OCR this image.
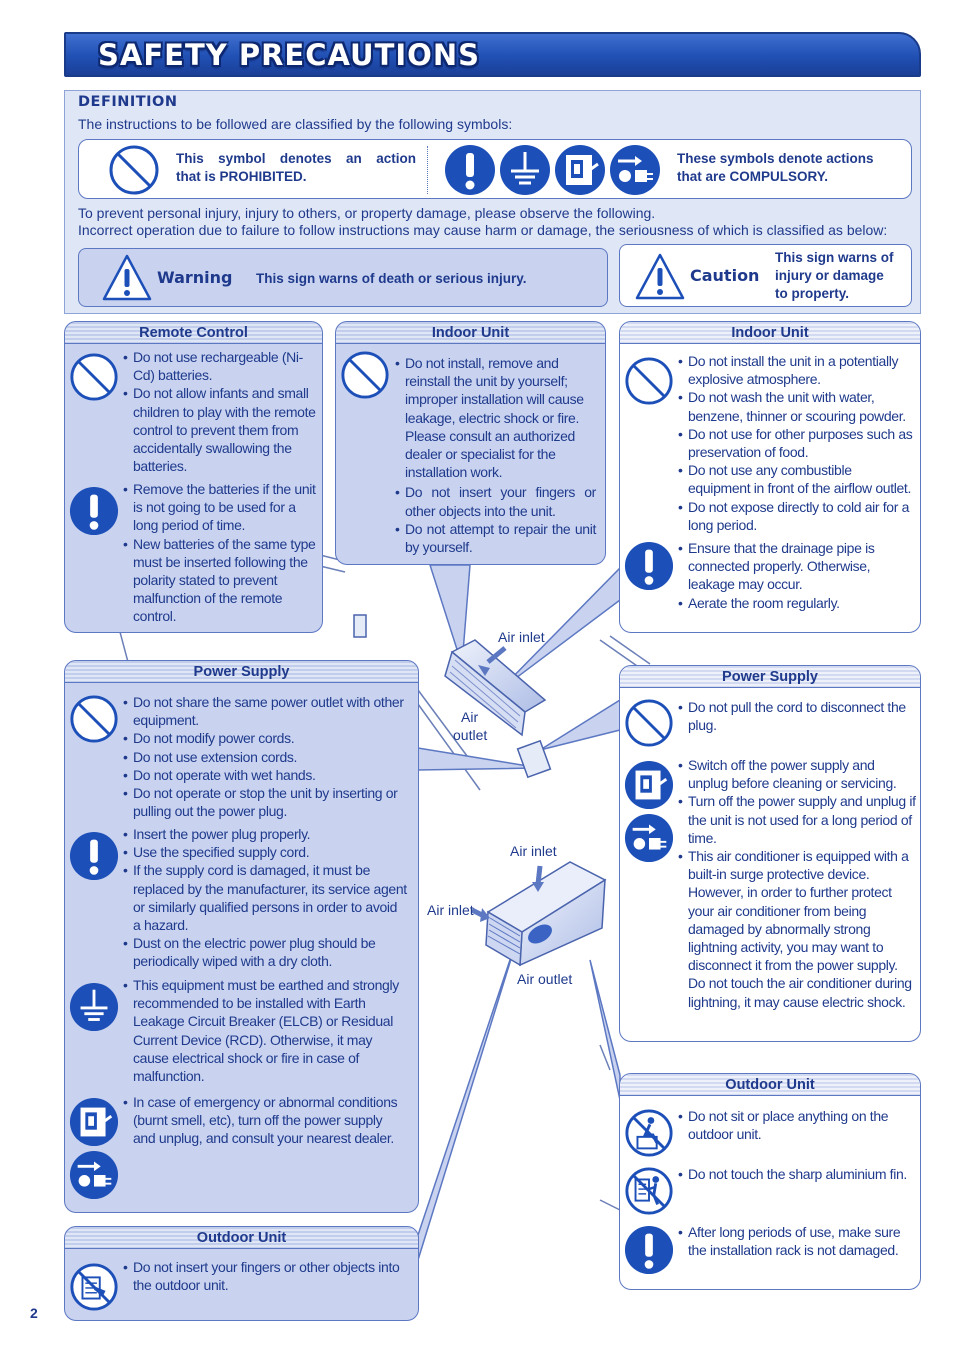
SAFETY PRECAUTIONS
DEFINITION
The instructions to be followed are classified by the following symbols:
This symbol denotes an action
that is PROHIBITED.
These symbols denote actions
that are COMPULSORY.
To prevent personal injury, injury to others, or property damage, please observe the following.
Incorrect operation due to failure to follow instructions may cause harm or damage, the seriousness of which is classified as below:
Warning This sign warns of death or serious injury.	Caution
This sign warns of
injury or damage
to property.
Remote Control
• Do not use rechargeable (Ni-Cd) batteries.
• Do not allow infants and small children to play with the remote control to prevent them from accidentally swallowing the batteries.
• Remove the batteries if the unit is not going to be used for a long period of time.
• New batteries of the same type must be inserted following the polarity stated to prevent malfunction of the remote control.
Indoor Unit
• Do not install, remove and reinstall the unit by yourself; improper installation will cause leakage, electric shock or fire. Please consult an authorized dealer or specialist for the installation work.
• Do not insert your fingers or other objects into the unit.
• Do not attempt to repair the unit by yourself.
Indoor Unit
• Do not install the unit in a potentially explosive atmosphere.
• Do not wash the unit with water, benzene, thinner or scouring powder.
• Do not use for other purposes such as preservation of food.
• Do not use any combustible equipment in front of the airflow outlet.
• Do not expose directly to cold air for a long period.
• Ensure that the drainage pipe is connected properly. Otherwise, leakage may occur.
• Aerate the room regularly.
Power Supply
• Do not share the same power outlet with other equipment.
• Do not modify power cords.
• Do not use extension cords.
• Do not operate with wet hands.
• Do not operate or stop the unit by inserting or pulling out the power plug.
• Insert the power plug properly.
• Use the specified supply cord.
• If the supply cord is damaged, it must be replaced by the manufacturer, its service agent or similarly qualified persons in order to avoid a hazard.
• Dust on the electric power plug should be periodically wiped with a dry cloth.
• This equipment must be earthed and strongly recommended to be installed with Earth Leakage Circuit Breaker (ELCB) or Residual Current Device (RCD). Otherwise, it may cause electrical shock or fire in case of malfunction.
• In case of emergency or abnormal conditions (burnt smell, etc), turn off the power supply and unplug, and consult your nearest dealer.
Outdoor Unit
• Do not insert your fingers or other objects into the outdoor unit.
Power Supply
• Do not pull the cord to disconnect the plug.
• Switch off the power supply and unplug before cleaning or servicing.
• Turn off the power supply and unplug if the unit is not used for a long period of time.
• This air conditioner is equipped with a built-in surge protective device. However, in order to further protect your air conditioner from being damaged by abnormally strong lightning activity, you may want to disconnect it from the power supply. Do not touch the air conditioner during lightning, it may cause electric shock.
Outdoor Unit
• Do not sit or place anything on the outdoor unit.
• Do not touch the sharp aluminium fin.
• After long periods of use, make sure the installation rack is not damaged.
Air inlet
Air
outlet
Air inlet
Air inlet
Air outlet
2
